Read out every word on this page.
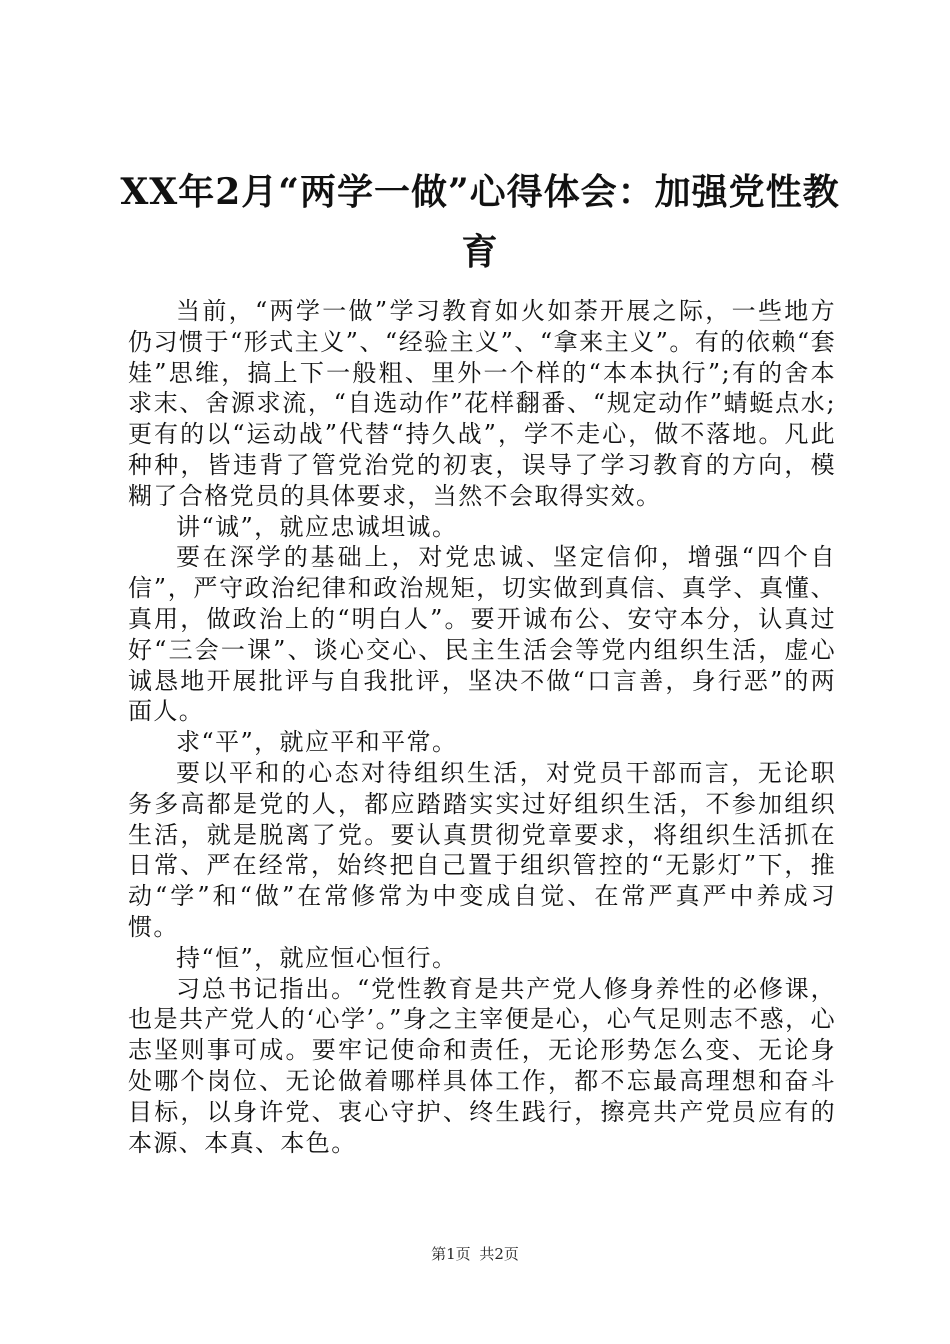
XX年2月“两学一做”心得体会：加强党性教育

当前，“两学一做”学习教育如火如荼开展之际，一些地方仍习惯于“形式主义”、“经验主义”、“拿来主义”。有的依赖“套娃”思维，搞上下一般粗、里外一个样的“本本执行”;有的舍本求末、舍源求流，“自选动作”花样翻番、“规定动作”蜻蜓点水;更有的以“运动战”代替“持久战”，学不走心，做不落地。凡此种种，皆违背了管党治党的初衷，误导了学习教育的方向，模糊了合格党员的具体要求，当然不会取得实效。

讲“诚”，就应忠诚坦诚。

要在深学的基础上，对党忠诚、坚定信仰，增强“四个自信”，严守政治纪律和政治规矩，切实做到真信、真学、真懂、真用，做政治上的“明白人”。要开诚布公、安守本分，认真过好“三会一课”、谈心交心、民主生活会等党内组织生活，虚心诚恳地开展批评与自我批评，坚决不做“口言善，身行恶”的两面人。

求“平”，就应平和平常。

要以平和的心态对待组织生活，对党员干部而言，无论职务多高都是党的人，都应踏踏实实过好组织生活，不参加组织生活，就是脱离了党。要认真贯彻党章要求，将组织生活抓在日常、严在经常，始终把自己置于组织管控的“无影灯”下，推动“学”和“做”在常修常为中变成自觉、在常严真严中养成习惯。

持“恒”，就应恒心恒行。

习总书记指出。“党性教育是共产党人修身养性的必修课，也是共产党人的‘心学’。”身之主宰便是心，心气足则志不惑，心志坚则事可成。要牢记使命和责任，无论形势怎么变、无论身处哪个岗位、无论做着哪样具体工作，都不忘最高理想和奋斗目标，以身许党、衷心守护、终生践行，擦亮共产党员应有的本源、本真、本色。

第1页 共2页
